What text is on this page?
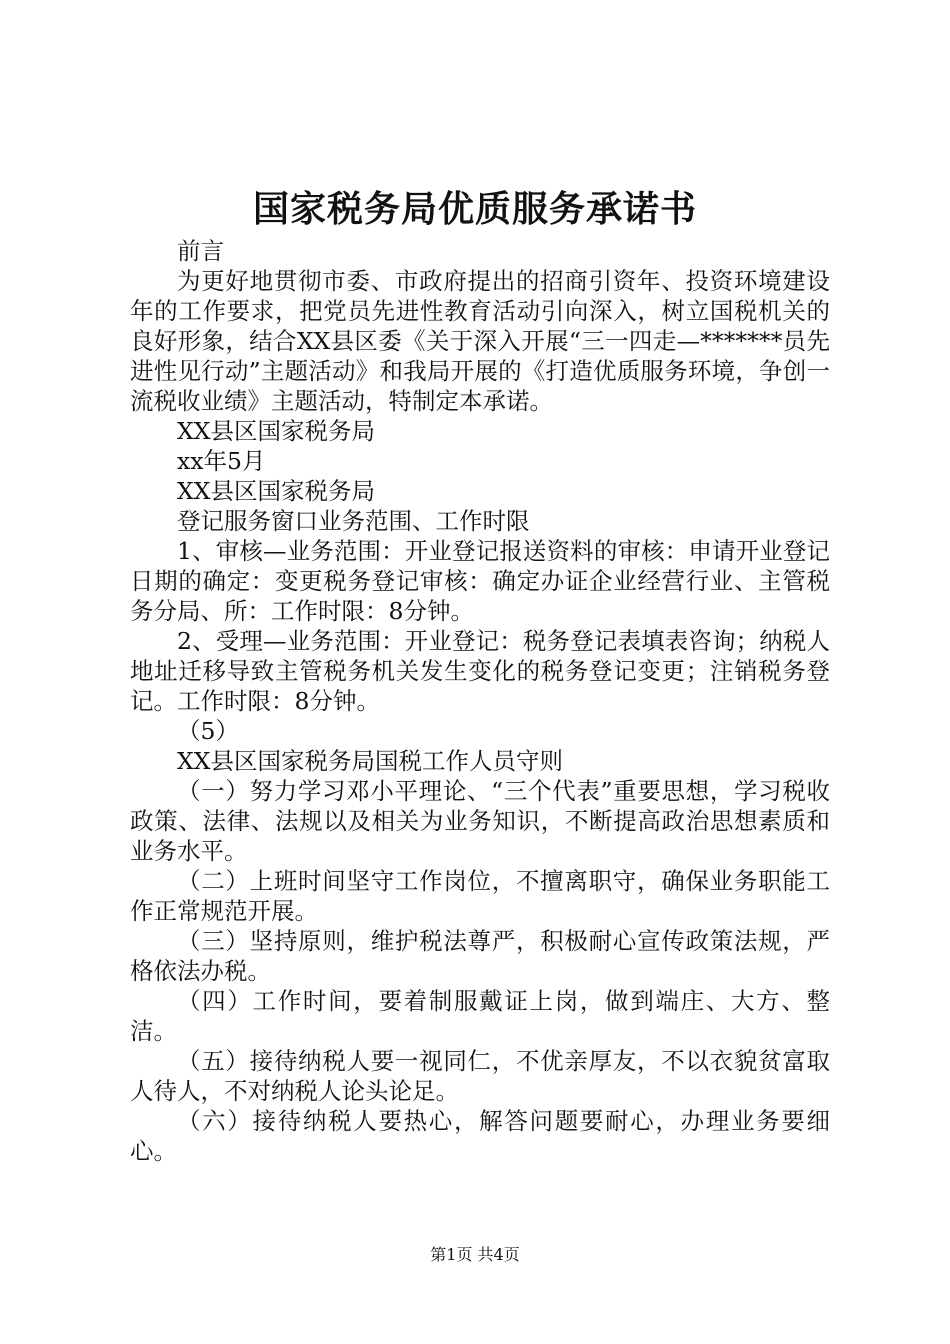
国家税务局优质服务承诺书

前言

为更好地贯彻市委、市政府提出的招商引资年、投资环境建设年的工作要求，把党员先进性教育活动引向深入，树立国税机关的良好形象，结合XX县区委《关于深入开展“三一四走—*******员先进性见行动”主题活动》和我局开展的《打造优质服务环境，争创一流税收业绩》主题活动，特制定本承诺。

XX县区国家税务局

xx年5月

XX县区国家税务局

登记服务窗口业务范围、工作时限

1、审核—业务范围：开业登记报送资料的审核：申请开业登记日期的确定：变更税务登记审核：确定办证企业经营行业、主管税务分局、所：工作时限：8分钟。

2、受理—业务范围：开业登记：税务登记表填表咨询；纳税人地址迁移导致主管税务机关发生变化的税务登记变更；注销税务登记。工作时限：8分钟。

（5）

XX县区国家税务局国税工作人员守则

（一）努力学习邓小平理论、“三个代表”重要思想，学习税收政策、法律、法规以及相关为业务知识，不断提高政治思想素质和业务水平。

（二）上班时间坚守工作岗位，不擅离职守，确保业务职能工作正常规范开展。

（三）坚持原则，维护税法尊严，积极耐心宣传政策法规，严格依法办税。

（四）工作时间，要着制服戴证上岗，做到端庄、大方、整洁。

（五）接待纳税人要一视同仁，不优亲厚友，不以衣貌贫富取人待人，不对纳税人论头论足。

（六）接待纳税人要热心，解答问题要耐心，办理业务要细心。

第1页 共4页
